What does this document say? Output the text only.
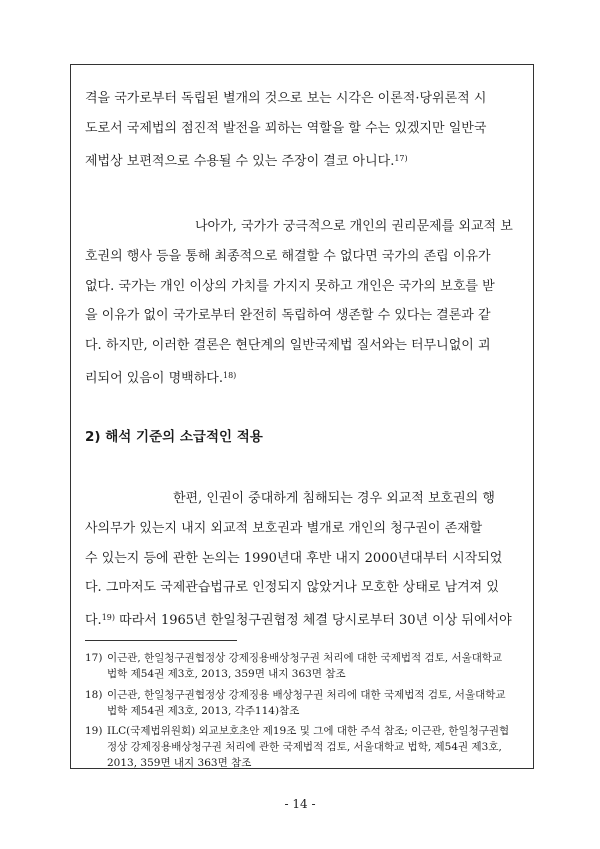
격을 국가로부터 독립된 별개의 것으로 보는 시각은 이론적·당위론적 시
도로서 국제법의 점진적 발전을 꾀하는 역할을 할 수는 있겠지만 일반국
제법상 보편적으로 수용될 수 있는 주장이 결코 아니다.$^{17)}$

나아가, 국가가 궁극적으로 개인의 권리문제를 외교적 보
호권의 행사 등을 통해 최종적으로 해결할 수 없다면 국가의 존립 이유가
없다. 국가는 개인 이상의 가치를 가지지 못하고 개인은 국가의 보호를 받
을 이유가 없이 국가로부터 완전히 독립하여 생존할 수 있다는 결론과 같
다. 하지만, 이러한 결론은 현단계의 일반국제법 질서와는 터무니없이 괴
리되어 있음이 명백하다.$^{18)}$

2) 해석 기준의 소급적인 적용

한편, 인권이 중대하게 침해되는 경우 외교적 보호권의 행
사의무가 있는지 내지 외교적 보호권과 별개로 개인의 청구권이 존재할
수 있는지 등에 관한 논의는 1990년대 후반 내지 2000년대부터 시작되었
다. 그마저도 국제관습법규로 인정되지 않았거나 모호한 상태로 남겨져 있
다.$^{19)}$ 따라서 1965년 한일청구권협정 체결 당시로부터 30년 이상 뒤에서야

17) 이근관, 한일청구권협정상 강제징용배상청구권 처리에 대한 국제법적 검토, 서울대학교
법학 제54권 제3호, 2013, 359면 내지 363면 참조

18) 이근관, 한일청구권협정상 강제징용 배상청구권 처리에 대한 국제법적 검토, 서울대학교
법학 제54권 제3호, 2013, 각주114)참조

19) ILC(국제법위원회) 외교보호초안 제19조 및 그에 대한 주석 참조; 이근관, 한일청구권협
정상 강제징용배상청구권 처리에 관한 국제법적 검토, 서울대학교 법학, 제54권 제3호,
2013, 359면 내지 363면 참조

- 14 -
